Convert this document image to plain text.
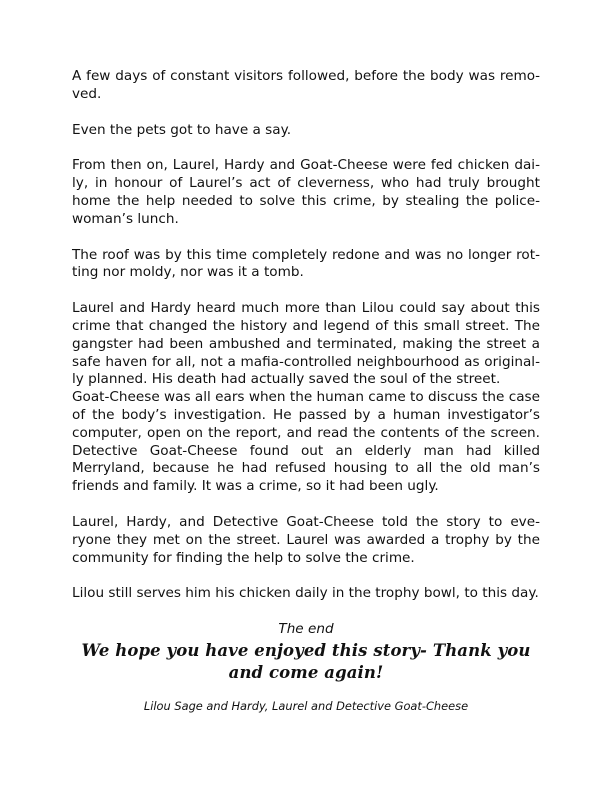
A few days of constant visitors followed, before the body was removed.

Even the pets got to have a say.

From then on, Laurel, Hardy and Goat-Cheese were fed chicken daily, in honour of Laurel’s act of cleverness, who had truly brought home the help needed to solve this crime, by stealing the policewoman’s lunch.

The roof was by this time completely redone and was no longer rotting nor moldy, nor was it a tomb.

Laurel and Hardy heard much more than Lilou could say about this crime that changed the history and legend of this small street. The gangster had been ambushed and terminated, making the street a safe haven for all, not a mafia-controlled neighbourhood as originally planned. His death had actually saved the soul of the street.

Goat-Cheese was all ears when the human came to discuss the case of the body’s investigation. He passed by a human investigator’s computer, open on the report, and read the contents of the screen. Detective Goat-Cheese found out an elderly man had killed Merryland, because he had refused housing to all the old man’s friends and family. It was a crime, so it had been ugly.

Laurel, Hardy, and Detective Goat-Cheese told the story to everyone they met on the street. Laurel was awarded a trophy by the community for finding the help to solve the crime.

Lilou still serves him his chicken daily in the trophy bowl, to this day.

The end
We hope you have enjoyed this story- Thank you and come again!
Lilou Sage and Hardy, Laurel and Detective Goat-Cheese
